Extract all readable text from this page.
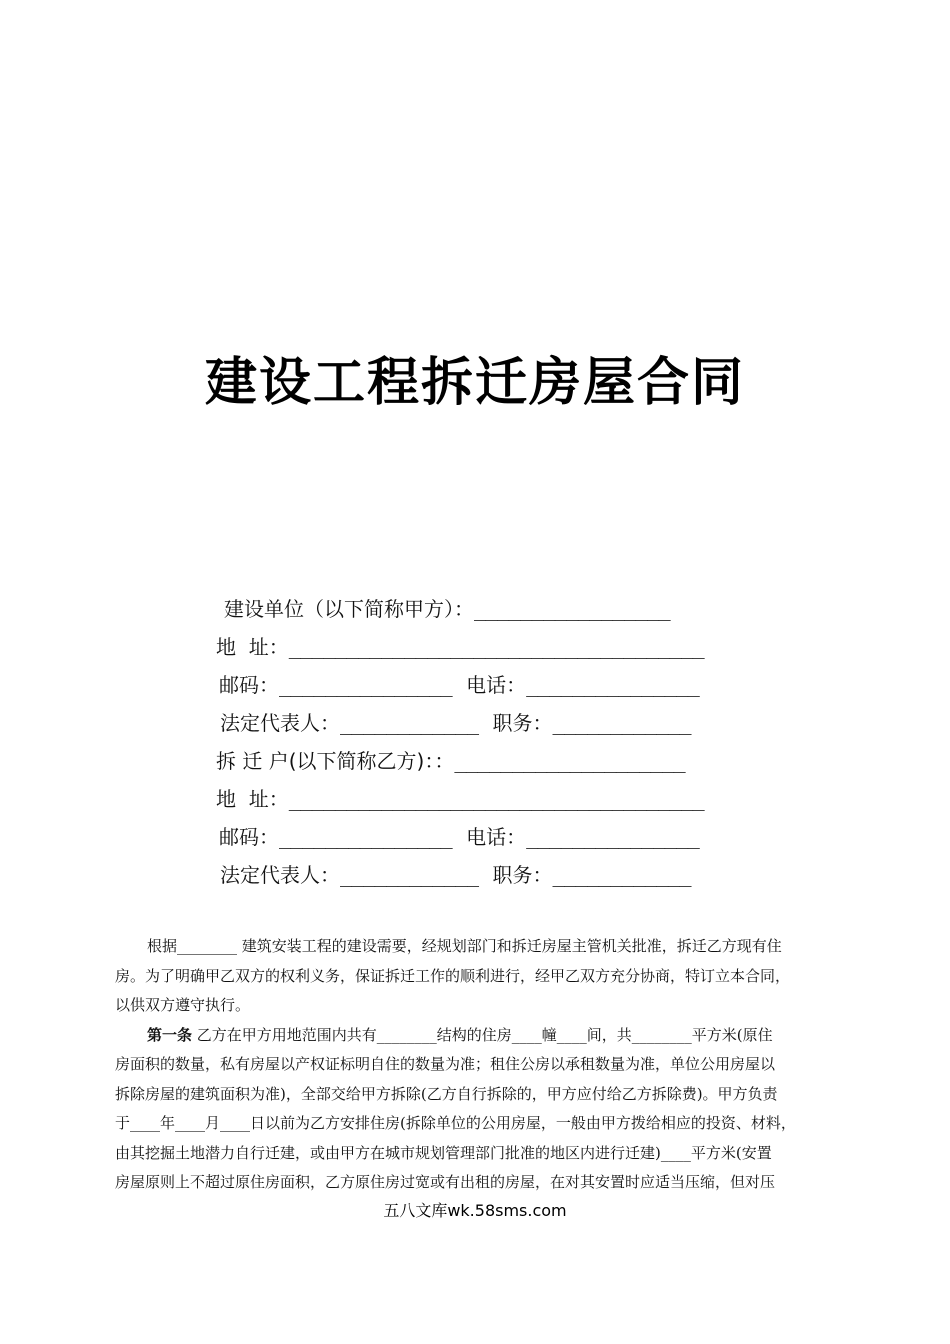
建设工程拆迁房屋合同
建设单位（以下简称甲方）：_________________
地  址：____________________________________
邮码：_______________ 电话：_______________
法定代表人：____________ 职务：____________
拆 迁 户(以下简称乙方)：：____________________
地  址：____________________________________
邮码：_______________ 电话：_______________
法定代表人：____________ 职务：____________

根据________ 建筑安装工程的建设需要，经规划部门和拆迁房屋主管机关批准，拆迁乙方现有住
房。为了明确甲乙双方的权利义务，保证拆迁工作的顺利进行，经甲乙双方充分协商，特订立本合同，
以供双方遵守执行。

第一条 乙方在甲方用地范围内共有________结构的住房____幢____间，共________平方米(原住
房面积的数量，私有房屋以产权证标明自住的数量为准；租住公房以承租数量为准，单位公用房屋以
拆除房屋的建筑面积为准)，全部交给甲方拆除(乙方自行拆除的，甲方应付给乙方拆除费)。甲方负责
于____年____月____日以前为乙方安排住房(拆除单位的公用房屋，一般由甲方拨给相应的投资、材料，
由其挖掘土地潜力自行迁建，或由甲方在城市规划管理部门批准的地区内进行迁建)____平方米(安置
房屋原则上不超过原住房面积，乙方原住房过宽或有出租的房屋，在对其安置时应适当压缩，但对压

五八文库wk.58sms.com
